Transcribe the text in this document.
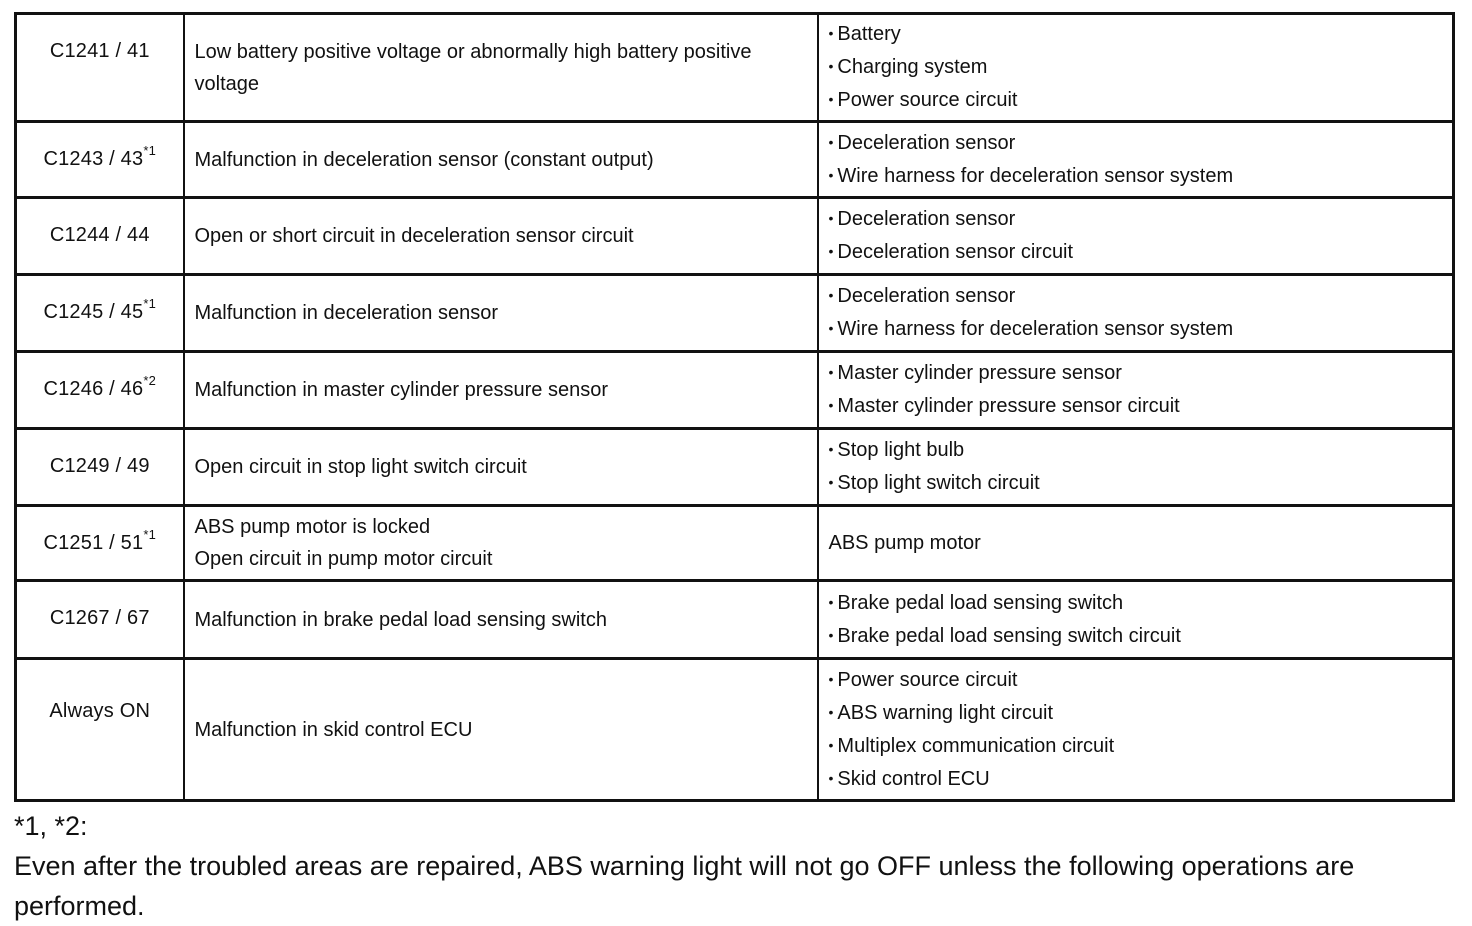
C1241 / 41	Low battery positive voltage or abnormally high battery positive voltage	• Battery
• Charging system
• Power source circuit

C1243 / 43$^{*1}$	Malfunction in deceleration sensor (constant output)	• Deceleration sensor
• Wire harness for deceleration sensor system

C1244 / 44	Open or short circuit in deceleration sensor circuit	• Deceleration sensor
• Deceleration sensor circuit

C1245 / 45$^{*1}$	Malfunction in deceleration sensor	• Deceleration sensor
• Wire harness for deceleration sensor system

C1246 / 46$^{*2}$	Malfunction in master cylinder pressure sensor	• Master cylinder pressure sensor
• Master cylinder pressure sensor circuit

C1249 / 49	Open circuit in stop light switch circuit	• Stop light bulb
• Stop light switch circuit

C1251 / 51$^{*1}$	ABS pump motor is locked
Open circuit in pump motor circuit	ABS pump motor

C1267 / 67	Malfunction in brake pedal load sensing switch	• Brake pedal load sensing switch
• Brake pedal load sensing switch circuit

Always ON	Malfunction in skid control ECU	• Power source circuit
• ABS warning light circuit
• Multiplex communication circuit
• Skid control ECU
*1, *2:
Even after the troubled areas are repaired, ABS warning light will not go OFF unless the following operations are performed.
